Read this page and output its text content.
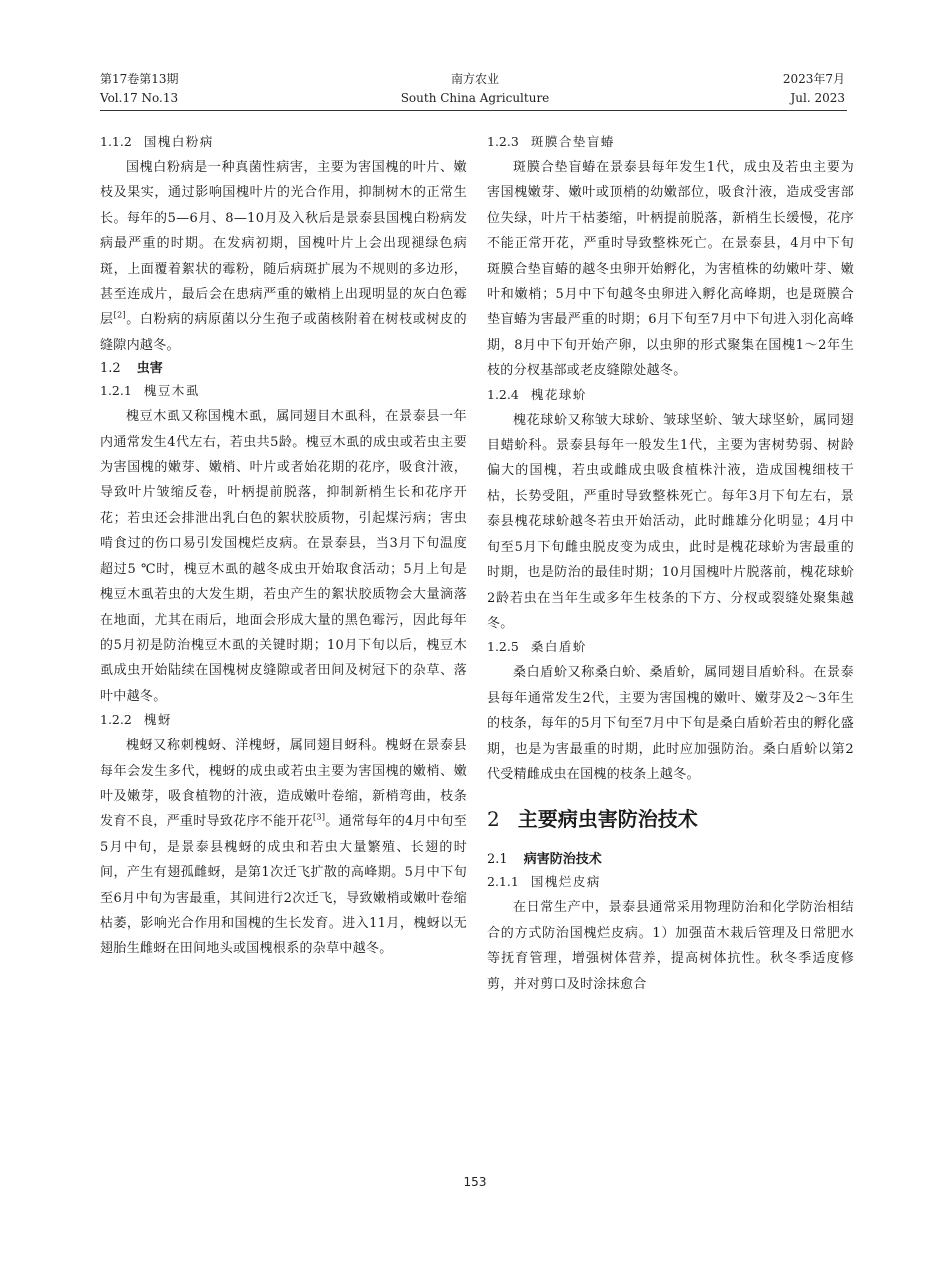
第17卷第13期
Vol.17 No.13
南方农业
South China Agriculture
2023年7月
Jul. 2023
1.1.2 国槐白粉病

国槐白粉病是一种真菌性病害，主要为害国槐的叶片、嫩枝及果实，通过影响国槐叶片的光合作用，抑制树木的正常生长。每年的5—6月、8—10月及入秋后是景泰县国槐白粉病发病最严重的时期。在发病初期，国槐叶片上会出现褪绿色病斑，上面覆着絮状的霉粉，随后病斑扩展为不规则的多边形，甚至连成片，最后会在患病严重的嫩梢上出现明显的灰白色霉层[2]。白粉病的病原菌以分生孢子或菌核附着在树枝或树皮的缝隙内越冬。

1.2 虫害
1.2.1 槐豆木虱

槐豆木虱又称国槐木虱，属同翅目木虱科，在景泰县一年内通常发生4代左右，若虫共5龄。槐豆木虱的成虫或若虫主要为害国槐的嫩芽、嫩梢、叶片或者始花期的花序，吸食汁液，导致叶片皱缩反卷，叶柄提前脱落，抑制新梢生长和花序开花；若虫还会排泄出乳白色的絮状胶质物，引起煤污病；害虫啃食过的伤口易引发国槐烂皮病。在景泰县，当3月下旬温度超过5 ℃时，槐豆木虱的越冬成虫开始取食活动；5月上旬是槐豆木虱若虫的大发生期，若虫产生的絮状胶质物会大量滴落在地面，尤其在雨后，地面会形成大量的黑色霉污，因此每年的5月初是防治槐豆木虱的关键时期；10月下旬以后，槐豆木虱成虫开始陆续在国槐树皮缝隙或者田间及树冠下的杂草、落叶中越冬。

1.2.2 槐蚜

槐蚜又称刺槐蚜、洋槐蚜，属同翅目蚜科。槐蚜在景泰县每年会发生多代，槐蚜的成虫或若虫主要为害国槐的嫩梢、嫩叶及嫩芽，吸食植物的汁液，造成嫩叶卷缩，新梢弯曲，枝条发育不良，严重时导致花序不能开花[3]。通常每年的4月中旬至5月中旬，是景泰县槐蚜的成虫和若虫大量繁殖、长翅的时间，产生有翅孤雌蚜，是第1次迁飞扩散的高峰期。5月中下旬至6月中旬为害最重，其间进行2次迁飞，导致嫩梢或嫩叶卷缩枯萎，影响光合作用和国槐的生长发育。进入11月，槐蚜以无翅胎生雌蚜在田间地头或国槐根系的杂草中越冬。

1.2.3 斑膜合垫盲蝽

斑膜合垫盲蝽在景泰县每年发生1代，成虫及若虫主要为害国槐嫩芽、嫩叶或顶梢的幼嫩部位，吸食汁液，造成受害部位失绿，叶片干枯萎缩，叶柄提前脱落，新梢生长缓慢，花序不能正常开花，严重时导致整株死亡。在景泰县，4月中下旬斑膜合垫盲蝽的越冬虫卵开始孵化，为害植株的幼嫩叶芽、嫩叶和嫩梢；5月中下旬越冬虫卵进入孵化高峰期，也是斑膜合垫盲蝽为害最严重的时期；6月下旬至7月中下旬进入羽化高峰期，8月中下旬开始产卵，以虫卵的形式聚集在国槐1～2年生枝的分杈基部或老皮缝隙处越冬。

1.2.4 槐花球蚧

槐花球蚧又称皱大球蚧、皱球坚蚧、皱大球坚蚧，属同翅目蜡蚧科。景泰县每年一般发生1代，主要为害树势弱、树龄偏大的国槐，若虫或雌成虫吸食植株汁液，造成国槐细枝干枯，长势受阻，严重时导致整株死亡。每年3月下旬左右，景泰县槐花球蚧越冬若虫开始活动，此时雌雄分化明显；4月中旬至5月下旬雌虫脱皮变为成虫，此时是槐花球蚧为害最重的时期，也是防治的最佳时期；10月国槐叶片脱落前，槐花球蚧2龄若虫在当年生或多年生枝条的下方、分杈或裂缝处聚集越冬。

1.2.5 桑白盾蚧

桑白盾蚧又称桑白蚧、桑盾蚧，属同翅目盾蚧科。在景泰县每年通常发生2代，主要为害国槐的嫩叶、嫩芽及2～3年生的枝条，每年的5月下旬至7月中下旬是桑白盾蚧若虫的孵化盛期，也是为害最重的时期，此时应加强防治。桑白盾蚧以第2代受精雌成虫在国槐的枝条上越冬。

2 主要病虫害防治技术
2.1 病害防治技术
2.1.1 国槐烂皮病

在日常生产中，景泰县通常采用物理防治和化学防治相结合的方式防治国槐烂皮病。1）加强苗木栽后管理及日常肥水等抚育管理，增强树体营养，提高树体抗性。秋冬季适度修剪，并对剪口及时涂抹愈合

153
